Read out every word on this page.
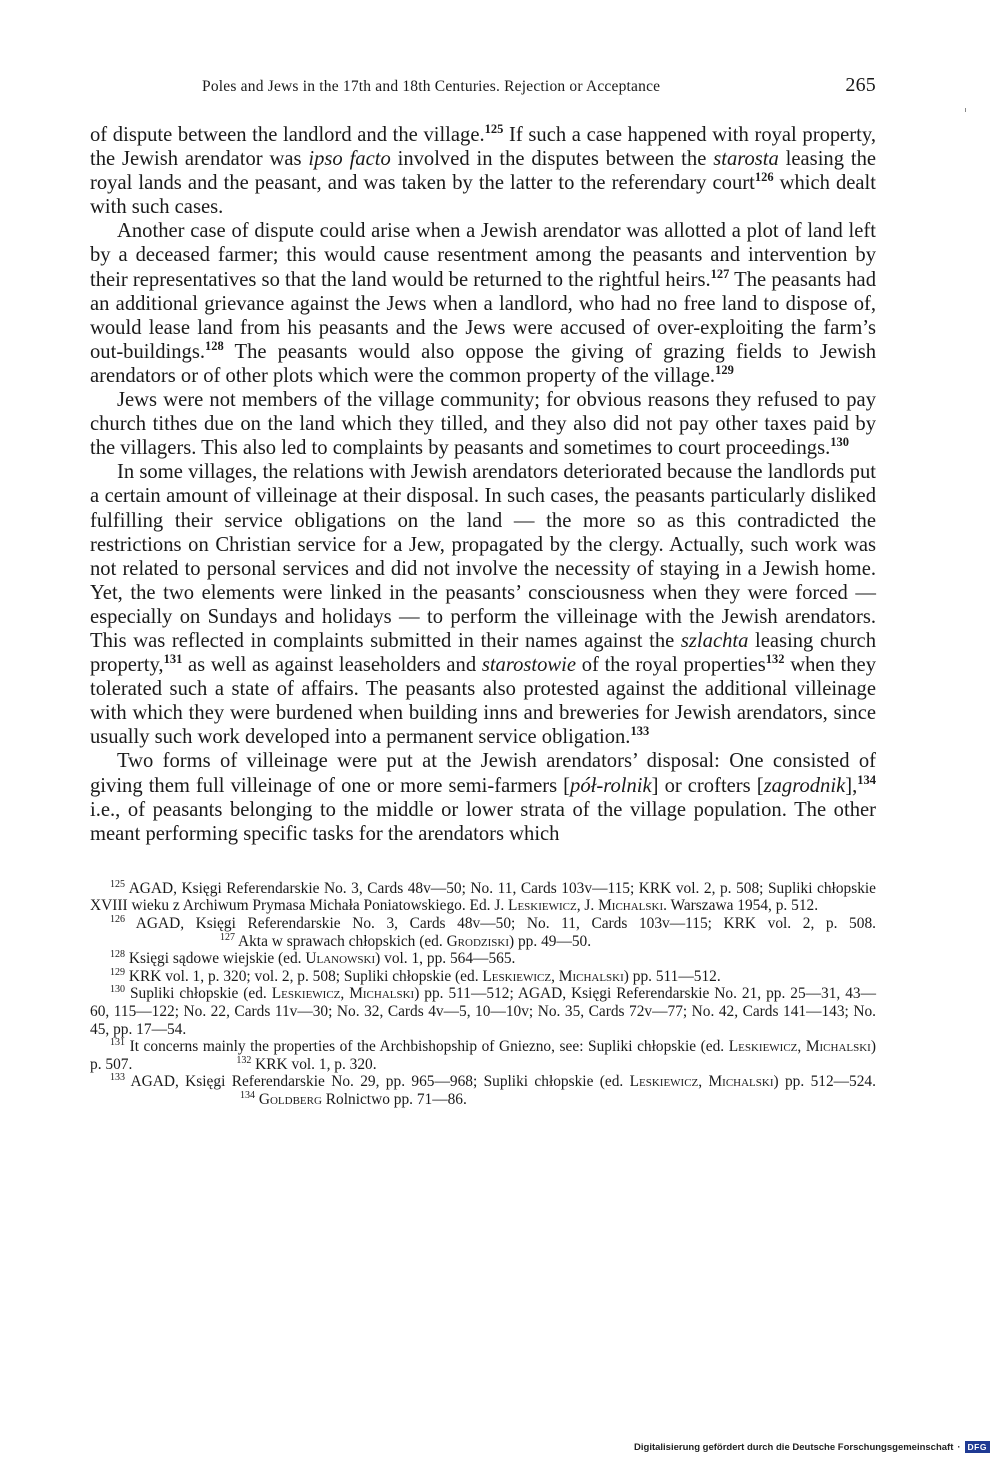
Poles and Jews in the 17th and 18th Centuries. Rejection or Acceptance	265

of dispute between the landlord and the village.$^{125}$ If such a case happened with royal property, the Jewish arendator was ipso facto involved in the disputes between the starosta leasing the royal lands and the peasant, and was taken by the latter to the referendary court$^{126}$ which dealt with such cases.

Another case of dispute could arise when a Jewish arendator was allotted a plot of land left by a deceased farmer; this would cause resentment among the peasants and intervention by their representatives so that the land would be returned to the rightful heirs.$^{127}$ The peasants had an additional grievance against the Jews when a landlord, who had no free land to dispose of, would lease land from his peasants and the Jews were accused of over-exploiting the farm’s out-buildings.$^{128}$ The peasants would also oppose the giving of grazing fields to Jewish arendators or of other plots which were the common property of the village.$^{129}$

Jews were not members of the village community; for obvious reasons they refused to pay church tithes due on the land which they tilled, and they also did not pay other taxes paid by the villagers. This also led to complaints by peasants and sometimes to court proceedings.$^{130}$

In some villages, the relations with Jewish arendators deteriorated because the landlords put a certain amount of villeinage at their disposal. In such cases, the peasants particularly disliked fulfilling their service obligations on the land — the more so as this contradicted the restrictions on Christian service for a Jew, propagated by the clergy. Actually, such work was not related to personal services and did not involve the necessity of staying in a Jewish home. Yet, the two elements were linked in the peasants’ consciousness when they were forced — especially on Sundays and holidays — to perform the villeinage with the Jewish arendators. This was reflected in complaints submitted in their names against the szlachta leasing church property,$^{131}$ as well as against leaseholders and starostowie of the royal properties$^{132}$ when they tolerated such a state of affairs. The peasants also protested against the additional villeinage with which they were burdened when building inns and breweries for Jewish arendators, since usually such work developed into a permanent service obligation.$^{133}$

Two forms of villeinage were put at the Jewish arendators’ disposal: One consisted of giving them full villeinage of one or more semi-farmers [pół-rolnik] or crofters [zagrodnik],$^{134}$ i.e., of peasants belonging to the middle or lower strata of the village population. The other meant performing specific tasks for the arendators which

$^{125}$ AGAD, Księgi Referendarskie No. 3, Cards 48v—50; No. 11, Cards 103v—115; KRK vol. 2, p. 508; Supliki chłopskie XVIII wieku z Archiwum Prymasa Michała Poniatowskiego. Ed. J. Leskiewicz, J. Michalski. Warszawa 1954, p. 512.

$^{126}$ AGAD, Księgi Referendarskie No. 3, Cards 48v—50; No. 11, Cards 103v—115; KRK vol. 2, p. 508.$^{127}$ Akta w sprawach chłopskich (ed. Grodziski) pp. 49—50.

$^{128}$ Księgi sądowe wiejskie (ed. Ulanowski) vol. 1, pp. 564—565.

$^{129}$ KRK vol. 1, p. 320; vol. 2, p. 508; Supliki chłopskie (ed. Leskiewicz, Michalski) pp. 511—512.

$^{130}$ Supliki chłopskie (ed. Leskiewicz, Michalski) pp. 511—512; AGAD, Księgi Referendarskie No. 21, pp. 25—31, 43—60, 115—122; No. 22, Cards 11v—30; No. 32, Cards 4v—5, 10—10v; No. 35, Cards 72v—77; No. 42, Cards 141—143; No. 45, pp. 17—54.

$^{131}$ It concerns mainly the properties of the Archbishopship of Gniezno, see: Supliki chłopskie (ed. Leskiewicz, Michalski) p. 507.	$^{132}$ KRK vol. 1, p. 320.

$^{133}$ AGAD, Księgi Referendarskie No. 29, pp. 965—968; Supliki chłopskie (ed. Leskiewicz, Michalski) pp. 512—524.$^{134}$ Goldberg Rolnictwo pp. 71—86.

Digitalisierung gefördert durch die Deutsche Forschungsgemeinschaft · DFG
